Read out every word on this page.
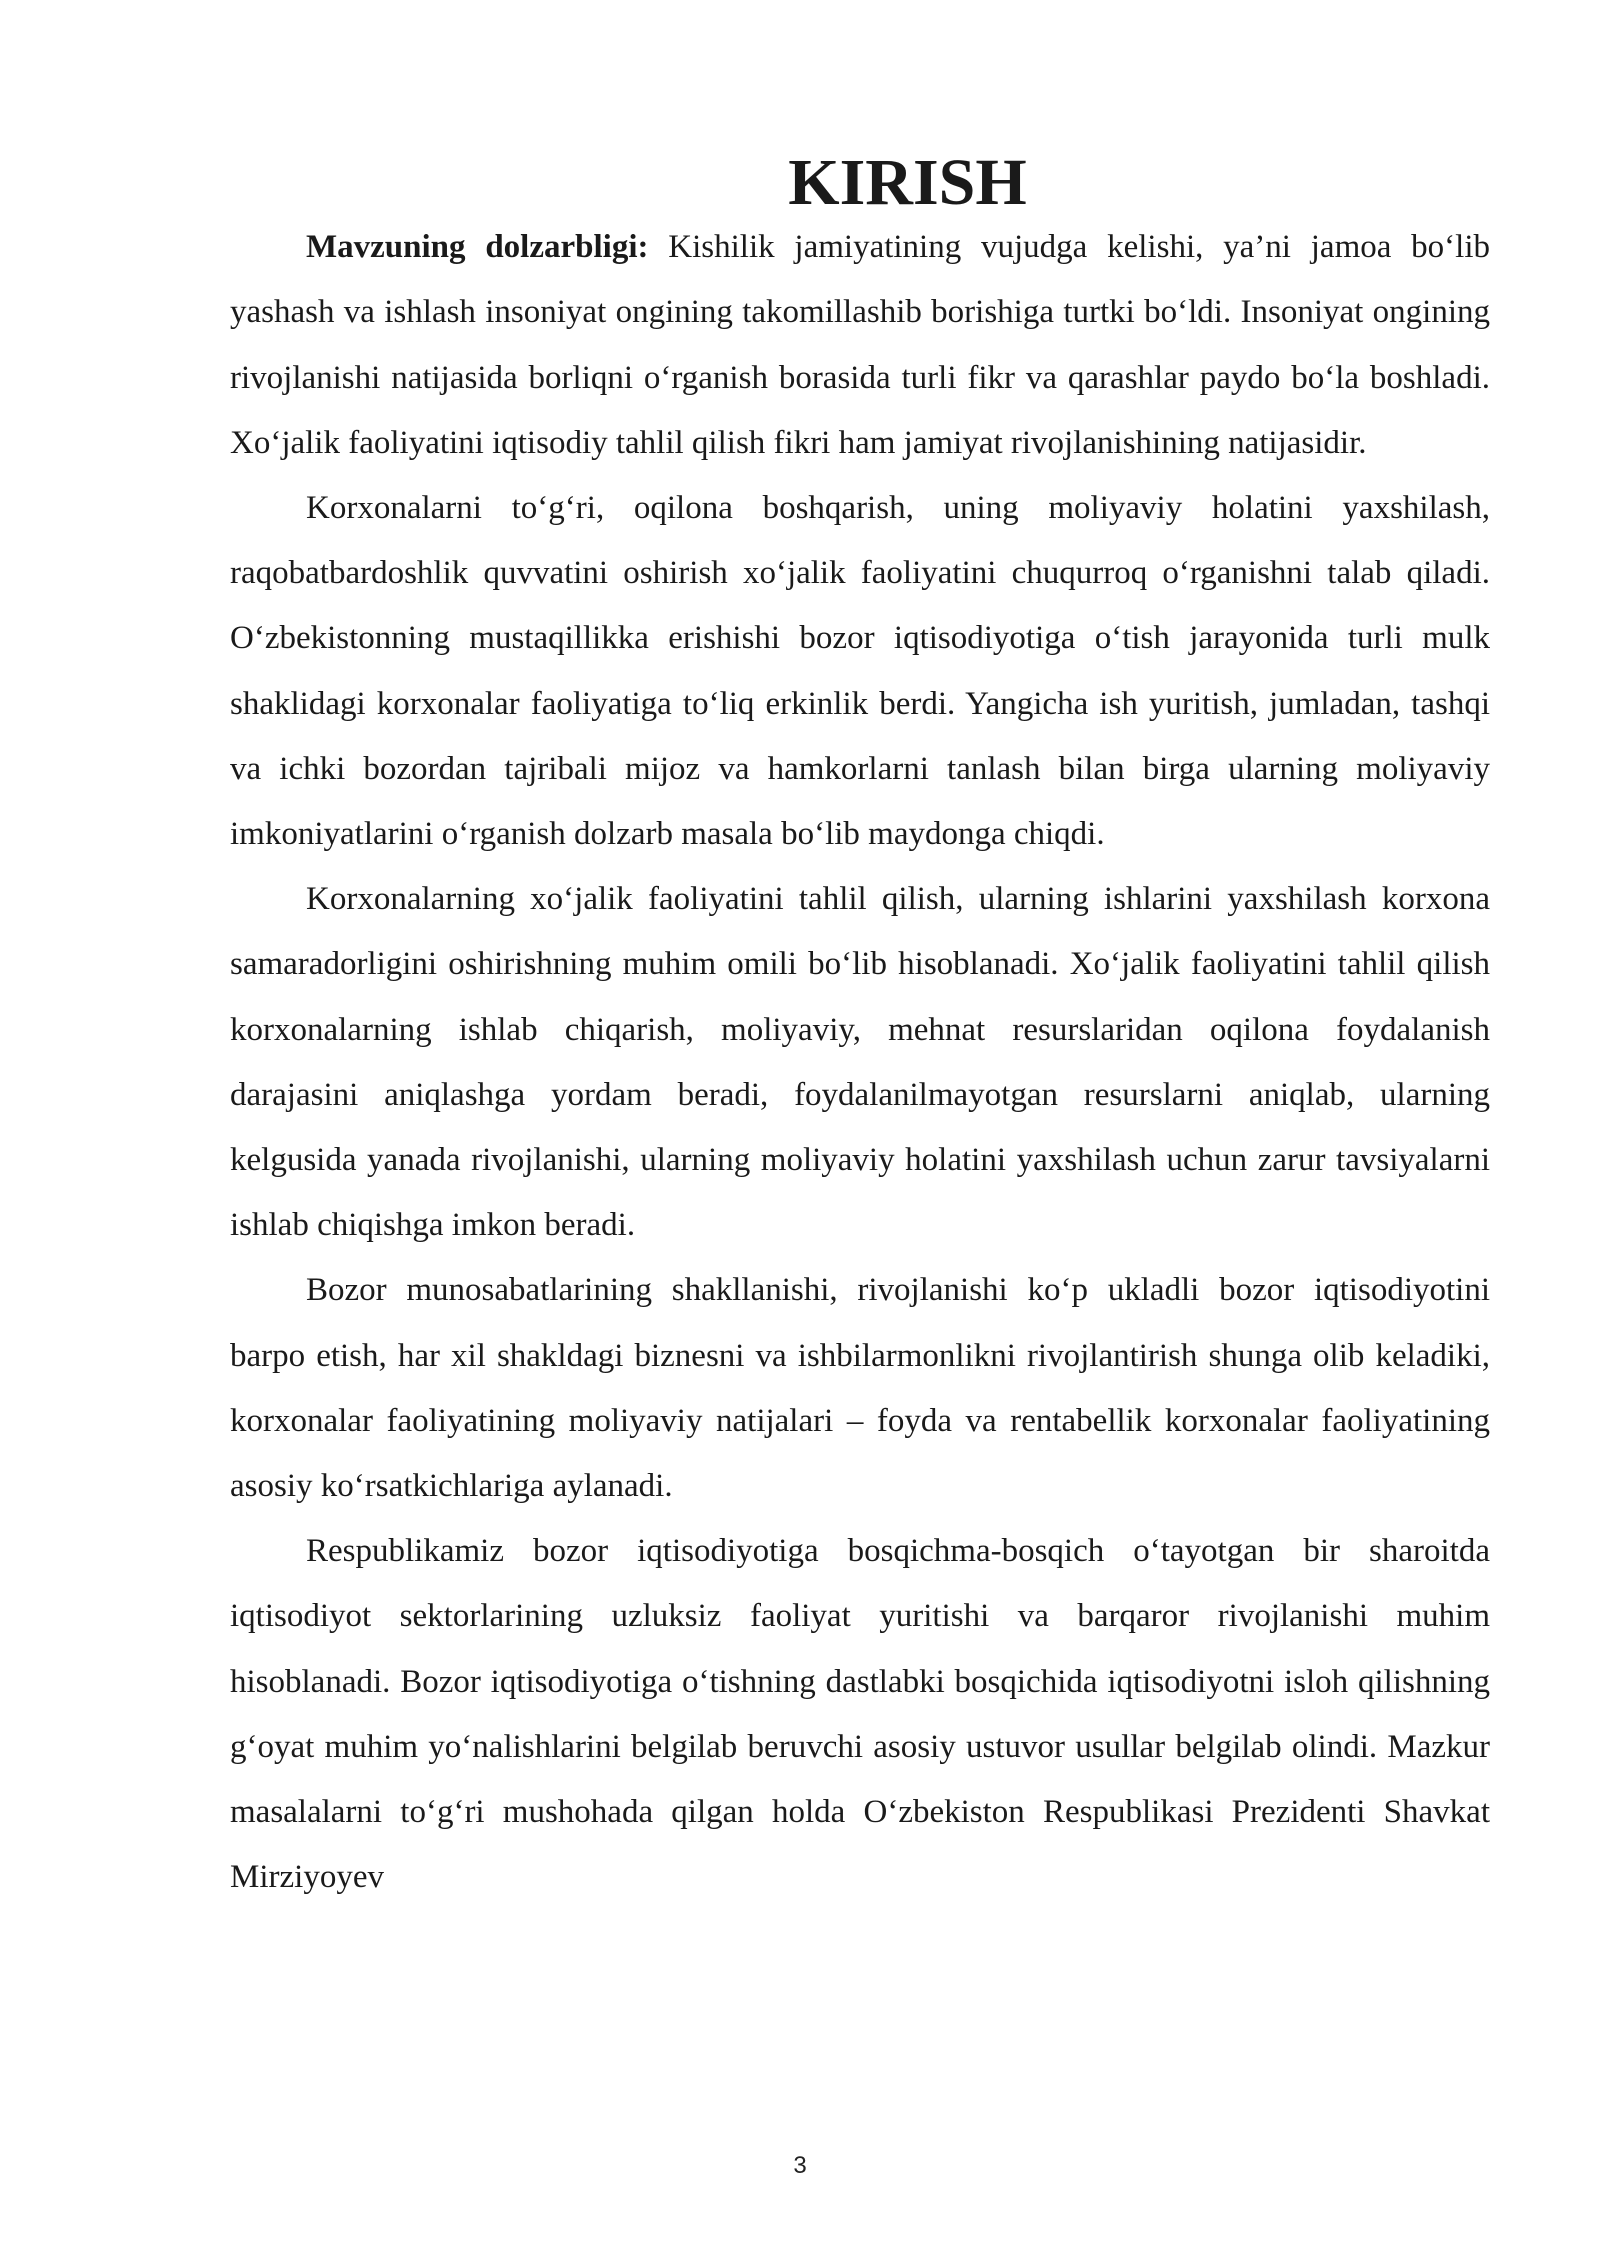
KIRISH

Mavzuning dolzarbligi: Kishilik jamiyatining vujudga kelishi, ya’ni jamoa bo‘lib yashash va ishlash insoniyat ongining takomillashib borishiga turtki bo‘ldi. Insoniyat ongining rivojlanishi natijasida borliqni o‘rganish borasida turli fikr va qarashlar paydo bo‘la boshladi. Xo‘jalik faoliyatini iqtisodiy tahlil qilish fikri ham jamiyat rivojlanishining natijasidir.

Korxonalarni to‘g‘ri, oqilona boshqarish, uning moliyaviy holatini yaxshilash, raqobatbardoshlik quvvatini oshirish xo‘jalik faoliyatini chuqurroq o‘rganishni talab qiladi. O‘zbekistonning mustaqillikka erishishi bozor iqtisodiyotiga o‘tish jarayonida turli mulk shaklidagi korxonalar faoliyatiga to‘liq erkinlik berdi. Yangicha ish yuritish, jumladan, tashqi va ichki bozordan tajribali mijoz va hamkorlarni tanlash bilan birga ularning moliyaviy imkoniyatlarini o‘rganish dolzarb masala bo‘lib maydonga chiqdi.

Korxonalarning xo‘jalik faoliyatini tahlil qilish, ularning ishlarini yaxshilash korxona samaradorligini oshirishning muhim omili bo‘lib hisoblanadi. Xo‘jalik faoliyatini tahlil qilish korxonalarning ishlab chiqarish, moliyaviy, mehnat resurslaridan oqilona foydalanish darajasini aniqlashga yordam beradi, foydalanilmayotgan resurslarni aniqlab, ularning kelgusida yanada rivojlanishi, ularning moliyaviy holatini yaxshilash uchun zarur tavsiyalarni ishlab chiqishga imkon beradi.

Bozor munosabatlarining shakllanishi, rivojlanishi ko‘p ukladli bozor iqtisodiyotini barpo etish, har xil shakldagi biznesni va ishbilarmonlikni rivojlantirish shunga olib keladiki, korxonalar faoliyatining moliyaviy natijalari – foyda va rentabellik korxonalar faoliyatining asosiy ko‘rsatkichlariga aylanadi.

Respublikamiz bozor iqtisodiyotiga bosqichma-bosqich o‘tayotgan bir sharoitda iqtisodiyot sektorlarining uzluksiz faoliyat yuritishi va barqaror rivojlanishi muhim hisoblanadi. Bozor iqtisodiyotiga o‘tishning dastlabki bosqichida iqtisodiyotni isloh qilishning g‘oyat muhim yo‘nalishlarini belgilab beruvchi asosiy ustuvor usullar belgilab olindi. Mazkur masalalarni to‘g‘ri mushohada qilgan holda O‘zbekiston Respublikasi Prezidenti Shavkat Mirziyoyev

3
